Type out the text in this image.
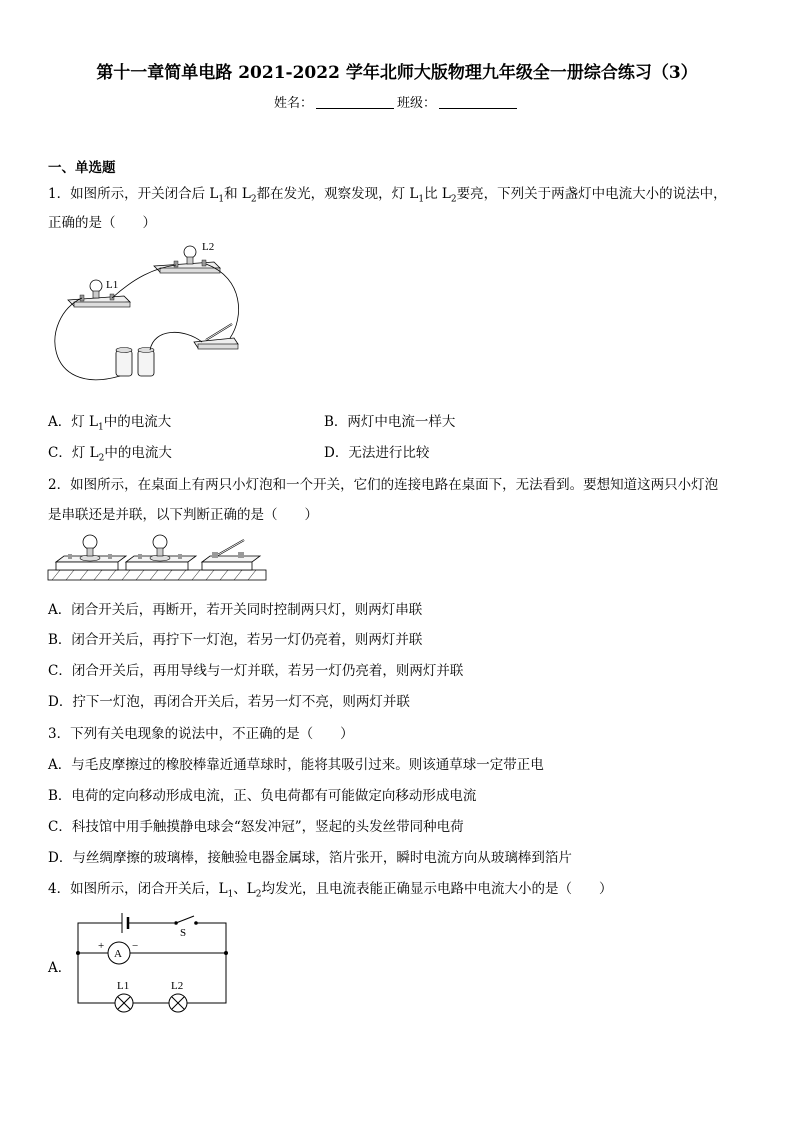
第十一章简单电路 2021-2022 学年北师大版物理九年级全一册综合练习（3）
姓名：	班级：
一、单选题
1．如图所示，开关闭合后 $L_1$和 $L_2$都在发光，观察发现，灯 $L_1$比 $L_2$要亮，下列关于两盏灯中电流大小的说法中，
正确的是（　　）
L2
L1
A．灯 $L_1$中的电流大	B．两灯中电流一样大
C．灯 $L_2$中的电流大	D．无法进行比较
2．如图所示，在桌面上有两只小灯泡和一个开关，它们的连接电路在桌面下，无法看到。要想知道这两只小灯泡
是串联还是并联，以下判断正确的是（　　）
A．闭合开关后，再断开，若开关同时控制两只灯，则两灯串联
B．闭合开关后，再拧下一灯泡，若另一灯仍亮着，则两灯并联
C．闭合开关后，再用导线与一灯并联，若另一灯仍亮着，则两灯并联
D．拧下一灯泡，再闭合开关后，若另一灯不亮，则两灯并联
3．下列有关电现象的说法中，不正确的是（　　）
A．与毛皮摩擦过的橡胶棒靠近通草球时，能将其吸引过来。则该通草球一定带正电
B．电荷的定向移动形成电流，正、负电荷都有可能做定向移动形成电流
C．科技馆中用手触摸静电球会“怒发冲冠”，竖起的头发丝带同种电荷
D．与丝绸摩擦的玻璃棒，接触验电器金属球，箔片张开，瞬时电流方向从玻璃棒到箔片
4．如图所示，闭合开关后，$L_1$、$L_2$均发光，且电流表能正确显示电路中电流大小的是（　　）
A．
S
A
+	−
L1	L2
